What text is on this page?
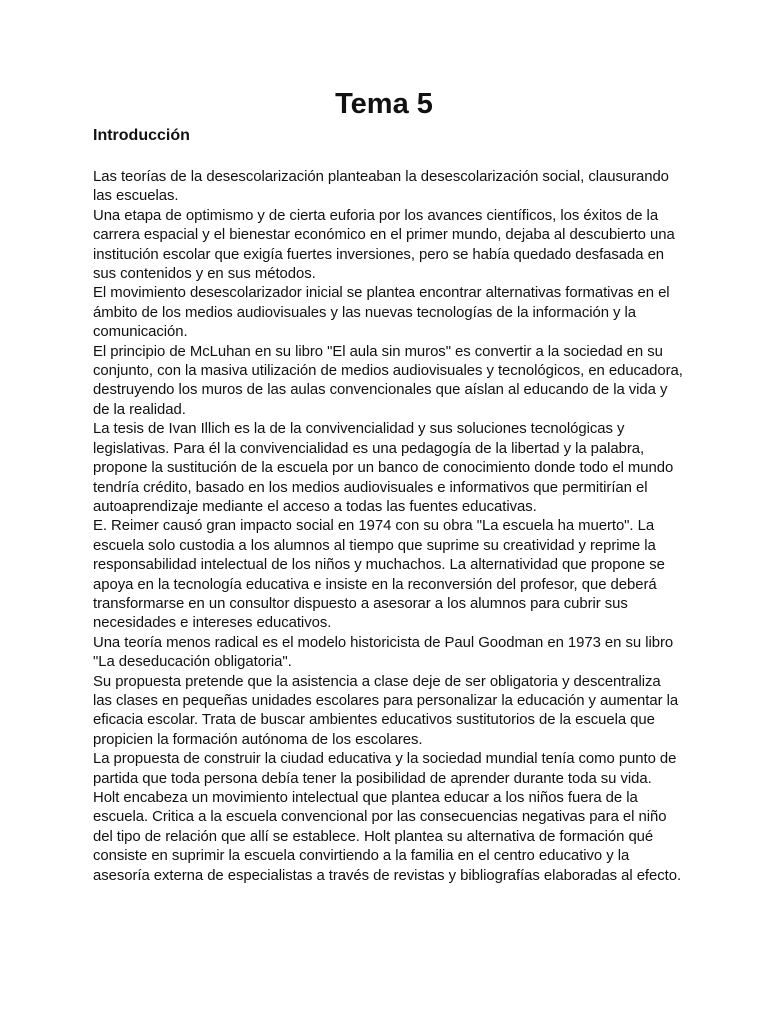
Tema 5
Introducción

Las teorías de la desescolarización planteaban la desescolarización social, clausurando las escuelas.

Una etapa de optimismo y de cierta euforia por los avances científicos, los éxitos de la carrera espacial y el bienestar económico en el primer mundo, dejaba al descubierto una institución escolar que exigía fuertes inversiones, pero se había quedado desfasada en sus contenidos y en sus métodos.

El movimiento desescolarizador inicial se plantea encontrar alternativas formativas en el ámbito de los medios audiovisuales y las nuevas tecnologías de la información y la comunicación.

El principio de McLuhan en su libro "El aula sin muros" es convertir a la sociedad en su conjunto, con la masiva utilización de medios audiovisuales y tecnológicos, en educadora, destruyendo los muros de las aulas convencionales que aíslan al educando de la vida y de la realidad.

La tesis de Ivan Illich es la de la convivencialidad y sus soluciones tecnológicas y legislativas. Para él la convivencialidad es una pedagogía de la libertad y la palabra, propone la sustitución de la escuela por un banco de conocimiento donde todo el mundo tendría crédito, basado en los medios audiovisuales e informativos que permitirían el autoaprendizaje mediante el acceso a todas las fuentes educativas.

E. Reimer causó gran impacto social en 1974 con su obra "La escuela ha muerto". La escuela solo custodia a los alumnos al tiempo que suprime su creatividad y reprime la responsabilidad intelectual de los niños y muchachos. La alternatividad que propone se apoya en la tecnología educativa e insiste en la reconversión del profesor, que deberá transformarse en un consultor dispuesto a asesorar a los alumnos para cubrir sus necesidades e intereses educativos.

Una teoría menos radical es el modelo historicista de Paul Goodman en 1973 en su libro "La deseducación obligatoria".

Su propuesta pretende que la asistencia a clase deje de ser obligatoria y descentraliza las clases en pequeñas unidades escolares para personalizar la educación y aumentar la eficacia escolar. Trata de buscar ambientes educativos sustitutorios de la escuela que propicien la formación autónoma de los escolares.

La propuesta de construir la ciudad educativa y la sociedad mundial tenía como punto de partida que toda persona debía tener la posibilidad de aprender durante toda su vida.

Holt encabeza un movimiento intelectual que plantea educar a los niños fuera de la escuela. Critica a la escuela convencional por las consecuencias negativas para el niño del tipo de relación que allí se establece. Holt plantea su alternativa de formación qué consiste en suprimir la escuela convirtiendo a la familia en el centro educativo y la asesoría externa de especialistas a través de revistas y bibliografías elaboradas al efecto.
